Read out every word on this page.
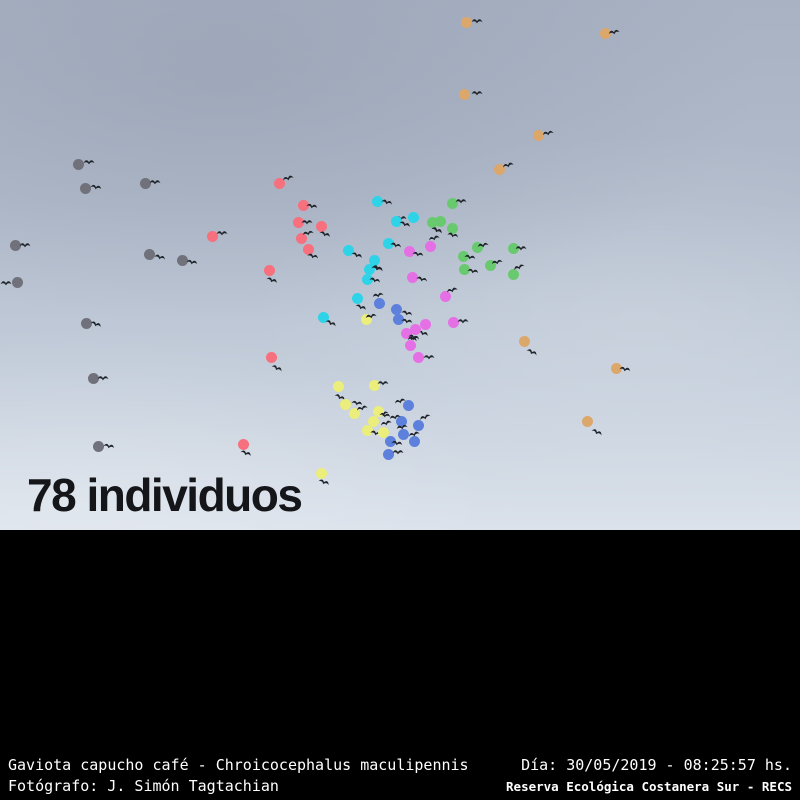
78 individuos
Gaviota capucho café - Chroicocephalus maculipennis	Día: 30/05/2019 - 08:25:57 hs.
Fotógrafo: J. Simón Tagtachian	Reserva Ecológica Costanera Sur - RECS
